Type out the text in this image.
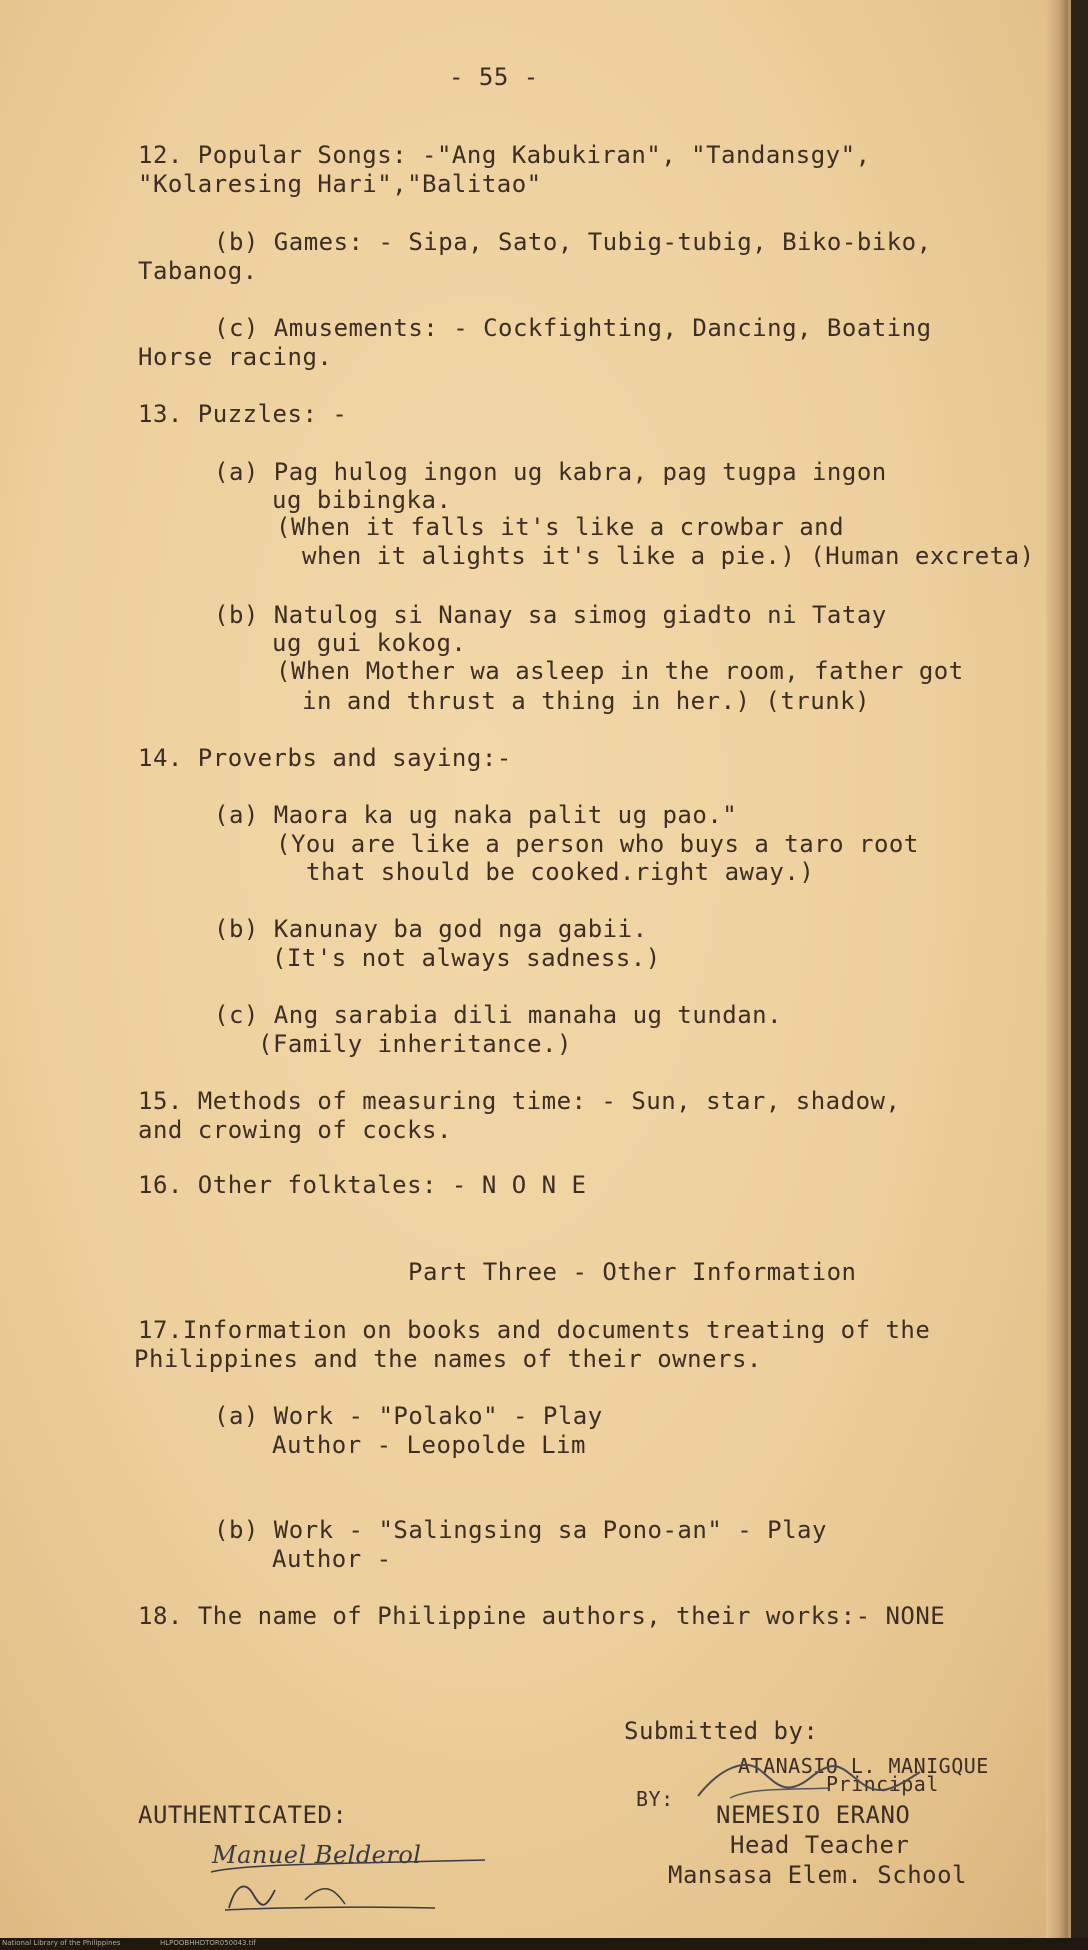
- 55 -

12. Popular Songs: -"Ang Kabukiran", "Tandansgy",

"Kolaresing Hari","Balitao"

(b) Games: - Sipa, Sato, Tubig-tubig, Biko-biko,

Tabanog.

(c) Amusements: - Cockfighting, Dancing, Boating

Horse racing.

13. Puzzles: -

(a) Pag hulog ingon ug kabra, pag tugpa ingon

ug bibingka.

(When it falls it's like a crowbar and

when it alights it's like a pie.) (Human excreta)

(b) Natulog si Nanay sa simog giadto ni Tatay

ug gui kokog.

(When Mother wa asleep in the room, father got

in and thrust a thing in her.) (trunk)

14. Proverbs and saying:-

(a) Maora ka ug naka palit ug pao."

(You are like a person who buys a taro root

that should be cooked.right away.)

(b) Kanunay ba god nga gabii.

(It's not always sadness.)

(c) Ang sarabia dili manaha ug tundan.

(Family inheritance.)

15. Methods of measuring time: - Sun, star, shadow,

and crowing of cocks.

16. Other folktales: - N O N E

Part Three - Other Information

17.Information on books and documents treating of the

Philippines and the names of their owners.

(a) Work - "Polako" - Play

Author - Leopolde Lim

(b) Work - "Salingsing sa Pono-an" - Play

Author -

18. The name of Philippine authors, their works:- NONE

Submitted by:

ATANASIO L. MANIGQUE

Principal

BY:

NEMESIO ERANO

Head Teacher

Mansasa Elem. School

AUTHENTICATED:

Manuel Belderol

National Library of the Philippines	HLPOOBHHDTOR050043.tif
